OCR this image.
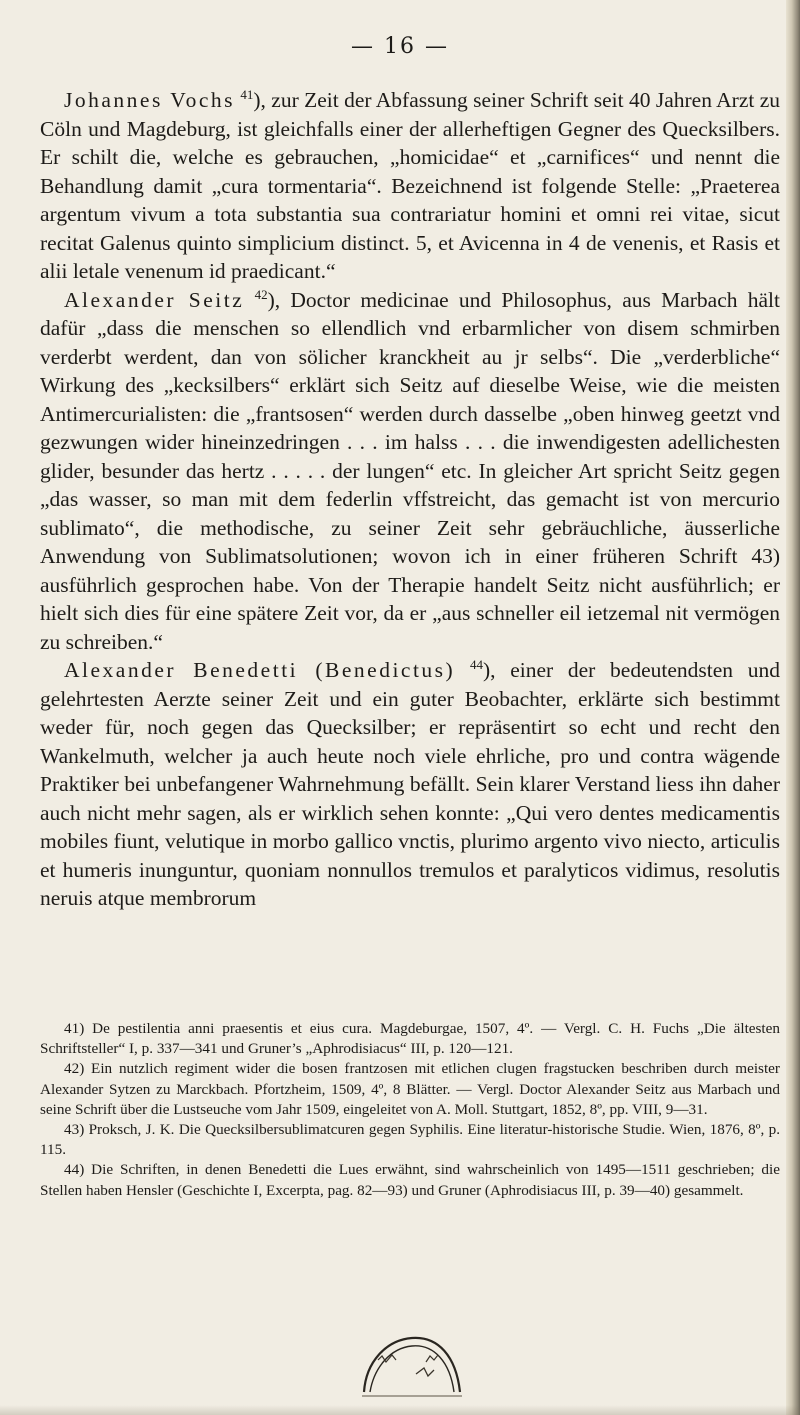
— 16 —

Johannes Vochs $^{41}$), zur Zeit der Abfassung seiner Schrift seit 40 Jahren Arzt zu Cöln und Magdeburg, ist gleichfalls einer der allerheftigen Gegner des Quecksilbers. Er schilt die, welche es gebrauchen, „homicidae“ et „carnifices“ und nennt die Behandlung damit „cura tormentaria“. Bezeichnend ist folgende Stelle: „Praeterea argentum vivum a tota substantia sua contrariatur homini et omni rei vitae, sicut recitat Galenus quinto simplicium distinct. 5, et Avicenna in 4 de venenis, et Rasis et alii letale venenum id praedicant.“

Alexander Seitz $^{42}$), Doctor medicinae und Philosophus, aus Marbach hält dafür „dass die menschen so ellendlich vnd erbarmlicher von disem schmirben verderbt werdent, dan von sölicher kranckheit au jr selbs“. Die „verderbliche“ Wirkung des „kecksilbers“ erklärt sich Seitz auf dieselbe Weise, wie die meisten Antimercurialisten: die „frantsosen“ werden durch dasselbe „oben hinweg geetzt vnd gezwungen wider hineinzedringen . . . im halss . . . die inwendigesten adellichesten glider, besunder das hertz . . . . . der lungen“ etc. In gleicher Art spricht Seitz gegen „das wasser, so man mit dem federlin vffstreicht, das gemacht ist von mercurio sublimato“, die methodische, zu seiner Zeit sehr gebräuchliche, äusserliche Anwendung von Sublimatsolutionen; wovon ich in einer früheren Schrift 43) ausführlich gesprochen habe. Von der Therapie handelt Seitz nicht ausführlich; er hielt sich dies für eine spätere Zeit vor, da er „aus schneller eil ietzemal nit vermögen zu schreiben.“

Alexander Benedetti (Benedictus) $^{44}$), einer der bedeutendsten und gelehrtesten Aerzte seiner Zeit und ein guter Beobachter, erklärte sich bestimmt weder für, noch gegen das Quecksilber; er repräsentirt so echt und recht den Wankelmuth, welcher ja auch heute noch viele ehrliche, pro und contra wägende Praktiker bei unbefangener Wahrnehmung befällt. Sein klarer Verstand liess ihn daher auch nicht mehr sagen, als er wirklich sehen konnte: „Qui vero dentes medicamentis mobiles fiunt, velutique in morbo gallico vnctis, plurimo argento vivo niecto, articulis et humeris inunguntur, quoniam nonnullos tremulos et paralyticos vidimus, resolutis neruis atque membrorum

41) De pestilentia anni praesentis et eius cura. Magdeburgae, 1507, 4º. — Vergl. C. H. Fuchs „Die ältesten Schriftsteller“ I, p. 337—341 und Gruner’s „Aphrodisiacus“ III, p. 120—121.

42) Ein nutzlich regiment wider die bosen frantzosen mit etlichen clugen fragstucken beschriben durch meister Alexander Sytzen zu Marckbach. Pfortzheim, 1509, 4º, 8 Blätter. — Vergl. Doctor Alexander Seitz aus Marbach und seine Schrift über die Lustseuche vom Jahr 1509, eingeleitet von A. Moll. Stuttgart, 1852, 8º, pp. VIII, 9—31.

43) Proksch, J. K. Die Quecksilbersublimatcuren gegen Syphilis. Eine literatur-historische Studie. Wien, 1876, 8º, p. 115.

44) Die Schriften, in denen Benedetti die Lues erwähnt, sind wahrscheinlich von 1495—1511 geschrieben; die Stellen haben Hensler (Geschichte I, Excerpta, pag. 82—93) und Gruner (Aphrodisiacus III, p. 39—40) gesammelt.
